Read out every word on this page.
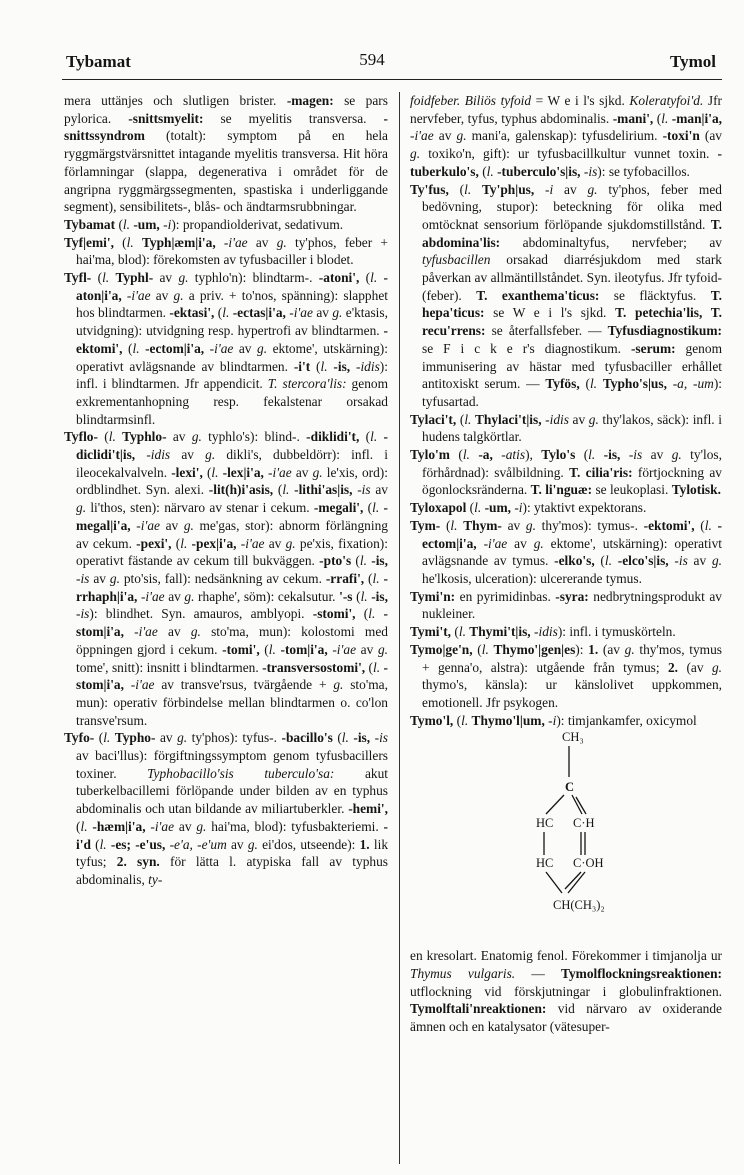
Tybamat	594	Tymol

mera uttänjes och slutligen brister. -magen: se pars pylorica. -snittsmyelit: se myelitis transversa. -snittssyndrom (totalt): symptom på en hela ryggmärgstvärsnittet intagande myelitis transversa. Hit höra förlamningar (slappa, degenerativa i området för de angripna ryggmärgssegmenten, spastiska i underliggande segment), sensibilitets-, blås- och ändtarmsrubbningar.

Tybamat (l. -um, -i): propandiolderivat, sedativum.

Tyf|emi', (l. Typh|æm|i'a, -i'ae av g. ty'phos, feber + hai'ma, blod): förekomsten av tyfusbaciller i blodet.

Tyfl- (l. Typhl- av g. typhlo'n): blindtarm-. -atoni', (l. -aton|i'a, -i'ae av g. a priv. + to'nos, spänning): slapphet hos blindtarmen. -ektasi', (l. -ectas|i'a, -i'ae av g. e'ktasis, utvidgning): utvidgning resp. hypertrofi av blindtarmen. -ektomi', (l. -ectom|i'a, -i'ae av g. ektome', utskärning): operativt avlägsnande av blindtarmen. -i't (l. -is, -idis): infl. i blindtarmen. Jfr appendicit. T. stercora'lis: genom exkrementanhopning resp. fekalstenar orsakad blindtarmsinfl.

Tyflo- (l. Typhlo- av g. typhlo's): blind-. -diklidi't, (l. -diclidi't|is, -idis av g. dikli's, dubbeldörr): infl. i ileocekalvalveln. -lexi', (l. -lex|i'a, -i'ae av g. le'xis, ord): ordblindhet. Syn. alexi. -lit(h)i'asis, (l. -lithi'as|is, -is av g. li'thos, sten): närvaro av stenar i cekum. -megali', (l. -megal|i'a, -i'ae av g. me'gas, stor): abnorm förlängning av cekum. -pexi', (l. -pex|i'a, -i'ae av g. pe'xis, fixation): operativt fästande av cekum till bukväggen. -pto's (l. -is, -is av g. pto'sis, fall): nedsänkning av cekum. -rrafi', (l. -rrhaph|i'a, -i'ae av g. rhaphe', söm): cekalsutur. '-s (l. -is, -is): blindhet. Syn. amauros, amblyopi. -stomi', (l. -stom|i'a, -i'ae av g. sto'ma, mun): kolostomi med öppningen gjord i cekum. -tomi', (l. -tom|i'a, -i'ae av g. tome', snitt): insnitt i blindtarmen. -transversostomi', (l. -stom|i'a, -i'ae av transve'rsus, tvärgående + g. sto'ma, mun): operativ förbindelse mellan blindtarmen o. co'lon transve'rsum.

Tyfo- (l. Typho- av g. ty'phos): tyfus-. -bacillo's (l. -is, -is av baci'llus): förgiftningssymptom genom tyfusbacillers toxiner. Typhobacillo'sis tuberculo'sa: akut tuberkelbacillemi förlöpande under bilden av en typhus abdominalis och utan bildande av miliartuberkler. -hemi', (l. -hæm|i'a, -i'ae av g. hai'ma, blod): tyfusbakteriemi. -i'd (l. -es; -e'us, -e'a, -e'um av g. ei'dos, utseende): 1. lik tyfus; 2. syn. för lätta l. atypiska fall av typhus abdominalis, ty-

foidfeber. Biliös tyfoid = W e i l's sjkd. Koleratyfoi'd. Jfr nervfeber, tyfus, typhus abdominalis. -mani', (l. -man|i'a, -i'ae av g. mani'a, galenskap): tyfusdelirium. -toxi'n (av g. toxiko'n, gift): ur tyfusbacillkultur vunnet toxin. -tuberkulo's, (l. -tuberculo's|is, -is): se tyfobacillos.

Ty'fus, (l. Ty'ph|us, -i av g. ty'phos, feber med bedövning, stupor): beteckning för olika med omtöcknat sensorium förlöpande sjukdomstillstånd. T. abdomina'lis: abdominaltyfus, nervfeber; av tyfusbacillen orsakad diarrésjukdom med stark påverkan av allmäntillståndet. Syn. ileotyfus. Jfr tyfoid-(feber). T. exanthema'ticus: se fläcktyfus. T. hepa'ticus: se W e i l's sjkd. T. petechia'lis, T. recu'rrens: se återfallsfeber. — Tyfusdiagnostikum: se F i c k e r's diagnostikum. -serum: genom immunisering av hästar med tyfusbaciller erhållet antitoxiskt serum. — Tyfös, (l. Typho's|us, -a, -um): tyfusartad.

Tylaci't, (l. Thylaci't|is, -idis av g. thy'lakos, säck): infl. i hudens talgkörtlar.

Tylo'm (l. -a, -atis), Tylo's (l. -is, -is av g. ty'los, förhårdnad): svålbildning. T. cilia'ris: förtjockning av ögonlocksränderna. T. li'nguæ: se leukoplasi. Tylotisk.

Tyloxapol (l. -um, -i): ytaktivt expektorans.

Tym- (l. Thym- av g. thy'mos): tymus-. -ektomi', (l. -ectom|i'a, -i'ae av g. ektome', utskärning): operativt avlägsnande av tymus. -elko's, (l. -elco's|is, -is av g. he'lkosis, ulceration): ulcererande tymus.

Tymi'n: en pyrimidinbas. -syra: nedbrytningsprodukt av nukleiner.

Tymi't, (l. Thymi't|is, -idis): infl. i tymuskörteln.

Tymo|ge'n, (l. Thymo'|gen|es): 1. (av g. thy'mos, tymus + genna'o, alstra): utgående från tymus; 2. (av g. thymo's, känsla): ur känslolivet uppkommen, emotionell. Jfr psykogen.

Tymo'l, (l. Thymo'l|um, -i): timjankamfer, oxicymol

CH₃
C
HC C·H
HC C·OH
CH(CH₃)₂

en kresolart. Enatomig fenol. Förekommer i timjanolja ur Thymus vulgaris. — Tymolflockningsreaktionen: utflockning vid förskjutningar i globulinfraktionen. Tymolftali'nreaktionen: vid närvaro av oxiderande ämnen och en katalysator (vätesuper-
